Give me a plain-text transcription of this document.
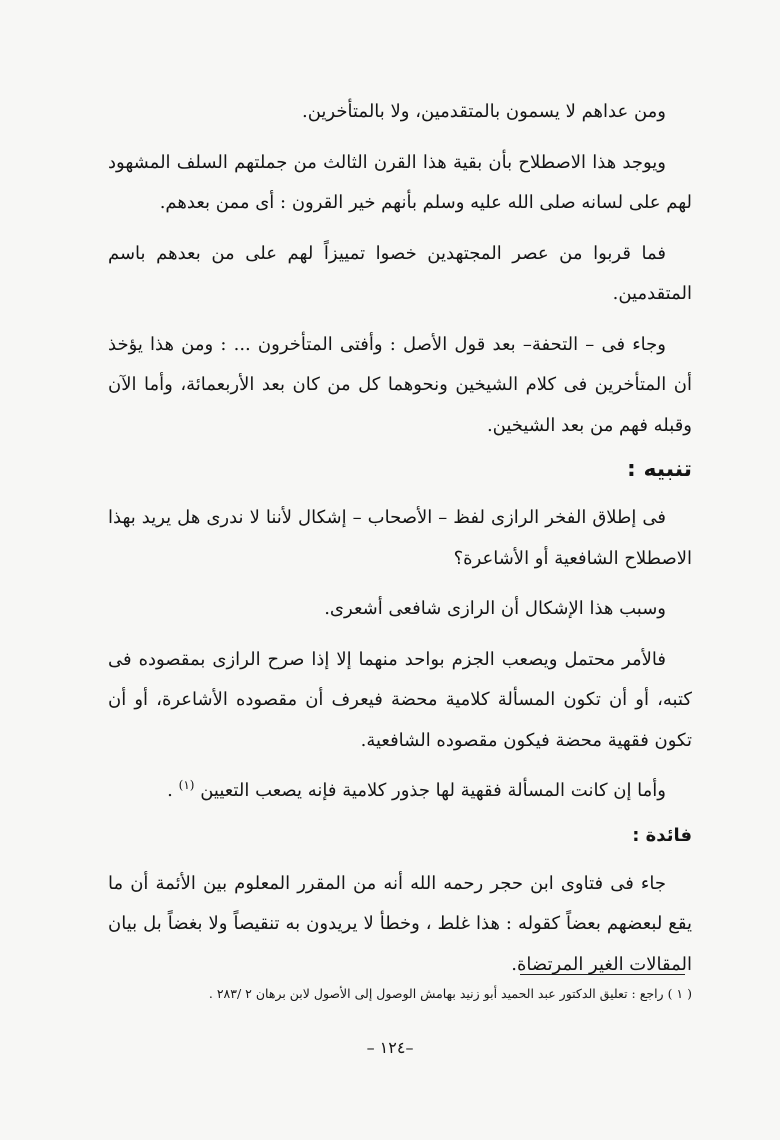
ومن عداهم لا يسمون بالمتقدمين، ولا بالمتأخرين.

ويوجد هذا الاصطلاح بأن بقية هذا القرن الثالث من جملتهم السلف المشهود لهم على لسانه صلى الله عليه وسلم بأنهم خير القرون : أى ممن بعدهم.

فما قربوا من عصر المجتهدين خصوا تمييزاً لهم على من بعدهم باسم المتقدمين.

وجاء فى – التحفة– بعد قول الأصل : وأفتى المتأخرون ... : ومن هذا يؤخذ أن المتأخرين فى كلام الشيخين ونحوهما كل من كان بعد الأربعمائة، وأما الآن وقبله فهم من بعد الشيخين.

تنبيه :

فى إطلاق الفخر الرازى لفظ – الأصحاب – إشكال لأننا لا ندرى هل يريد بهذا الاصطلاح الشافعية أو الأشاعرة؟

وسبب هذا الإشكال أن الرازى شافعى أشعرى.

فالأمر محتمل ويصعب الجزم بواحد منهما إلا إذا صرح الرازى بمقصوده فى كتبه، أو أن تكون المسألة كلامية محضة فيعرف أن مقصوده الأشاعرة، أو أن تكون فقهية محضة فيكون مقصوده الشافعية.

وأما إن كانت المسألة فقهية لها جذور كلامية فإنه يصعب التعيين $^{(١)}$ .

فائدة :

جاء فى فتاوى ابن حجر رحمه الله أنه من المقرر المعلوم بين الأئمة أن ما يقع لبعضهم بعضاً كقوله : هذا غلط ، وخطأ لا يريدون به تنقيصاً ولا بغضاً بل بيان المقالات الغير المرتضاة.

( ١ ) راجع : تعليق الدكتور عبد الحميد أبو زنيد بهامش الوصول إلى الأصول لابن برهان ٢ /٢٨٣ .
–١٢٤ –
